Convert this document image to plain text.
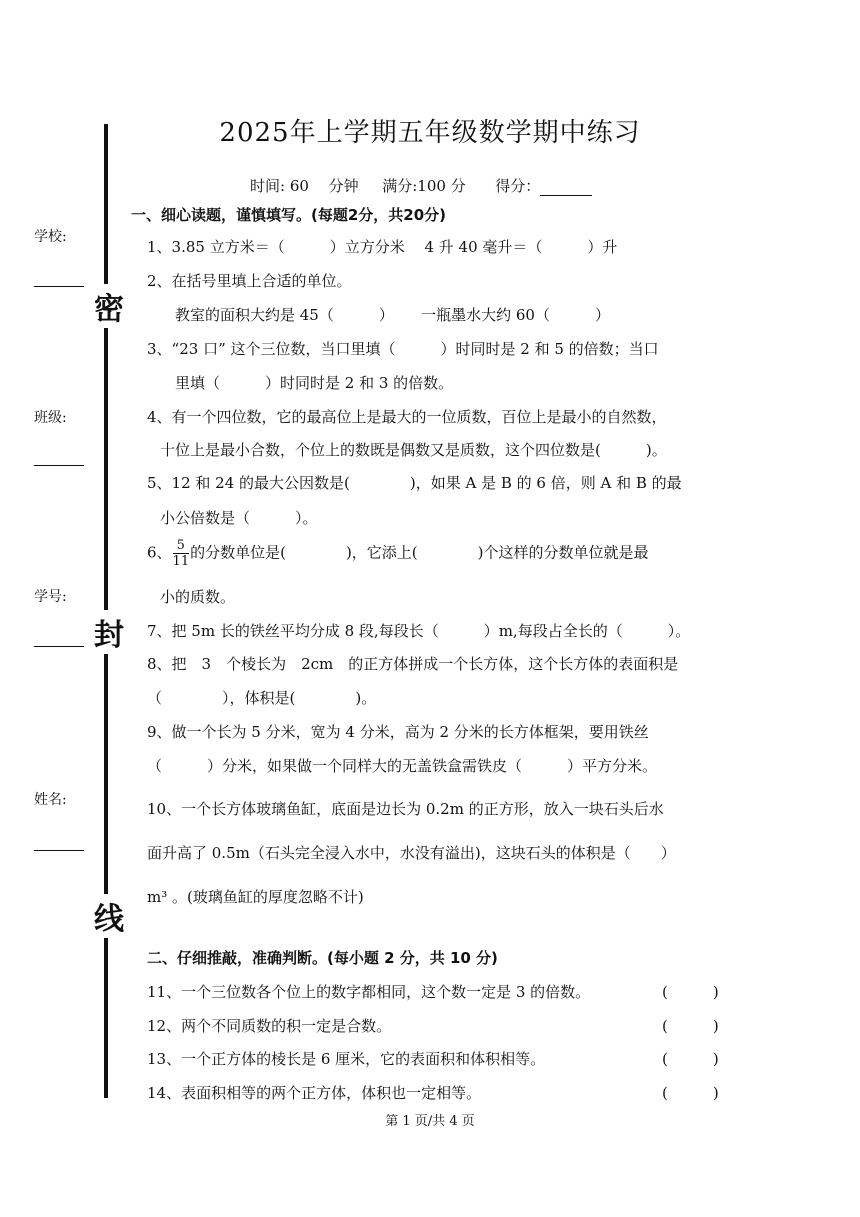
学校:
班级:
学号:
姓名:
密
封
线
2025年上学期五年级数学期中练习
时间: 60　 分钟 满分:100 分 得分：
一、细心读题，谨慎填写。(每题2分，共20分)
1、3.85 立方米＝（　　　）立方分米　 4 升 40 毫升＝（　　　）升
2、在括号里填上合适的单位。
教室的面积大约是 45（　　　）　　 一瓶墨水大约 60（　　　）
3、“23 口” 这个三位数，当口里填（　　　）时同时是 2 和 5 的倍数；当口
里填（　　　）时同时是 2 和 3 的倍数。
4、有一个四位数，它的最高位上是最大的一位质数，百位上是最小的自然数，
十位上是最小合数，个位上的数既是偶数又是质数，这个四位数是(　　　)。
5、12 和 24 的最大公因数是(　　　　)，如果 A 是 B 的 6 倍，则 A 和 B 的最
小公倍数是（　　　）。
6、 $\frac{5}{11}$ 的分数单位是(　　　　)，它添上(　　　　)个这样的分数单位就是最
小的质数。
7、把 5m 长的铁丝平均分成 8 段,每段长（　　　）m,每段占全长的（　　　）。
8、把　3　个棱长为　2cm　的正方体拼成一个长方体，这个长方体的表面积是
（　　　　），体积是(　　　　)。
9、做一个长为 5 分米，宽为 4 分米，高为 2 分米的长方体框架，要用铁丝
（　　　）分米，如果做一个同样大的无盖铁盒需铁皮（　　　）平方分米。
10、一个长方体玻璃鱼缸，底面是边长为 0.2m 的正方形，放入一块石头后水
面升高了 0.5m（石头完全浸入水中，水没有溢出)，这块石头的体积是（　　）
m³ 。(玻璃鱼缸的厚度忽略不计)
二、仔细推敲，准确判断。(每小题 2 分，共 10 分)
11、一个三位数各个位上的数字都相同，这个数一定是 3 的倍数。	(　　　)
12、两个不同质数的积一定是合数。	(　　　)
13、一个正方体的棱长是 6 厘米，它的表面积和体积相等。	(　　　)
14、表面积相等的两个正方体，体积也一定相等。	(　　　)
第 1 页/共 4 页
